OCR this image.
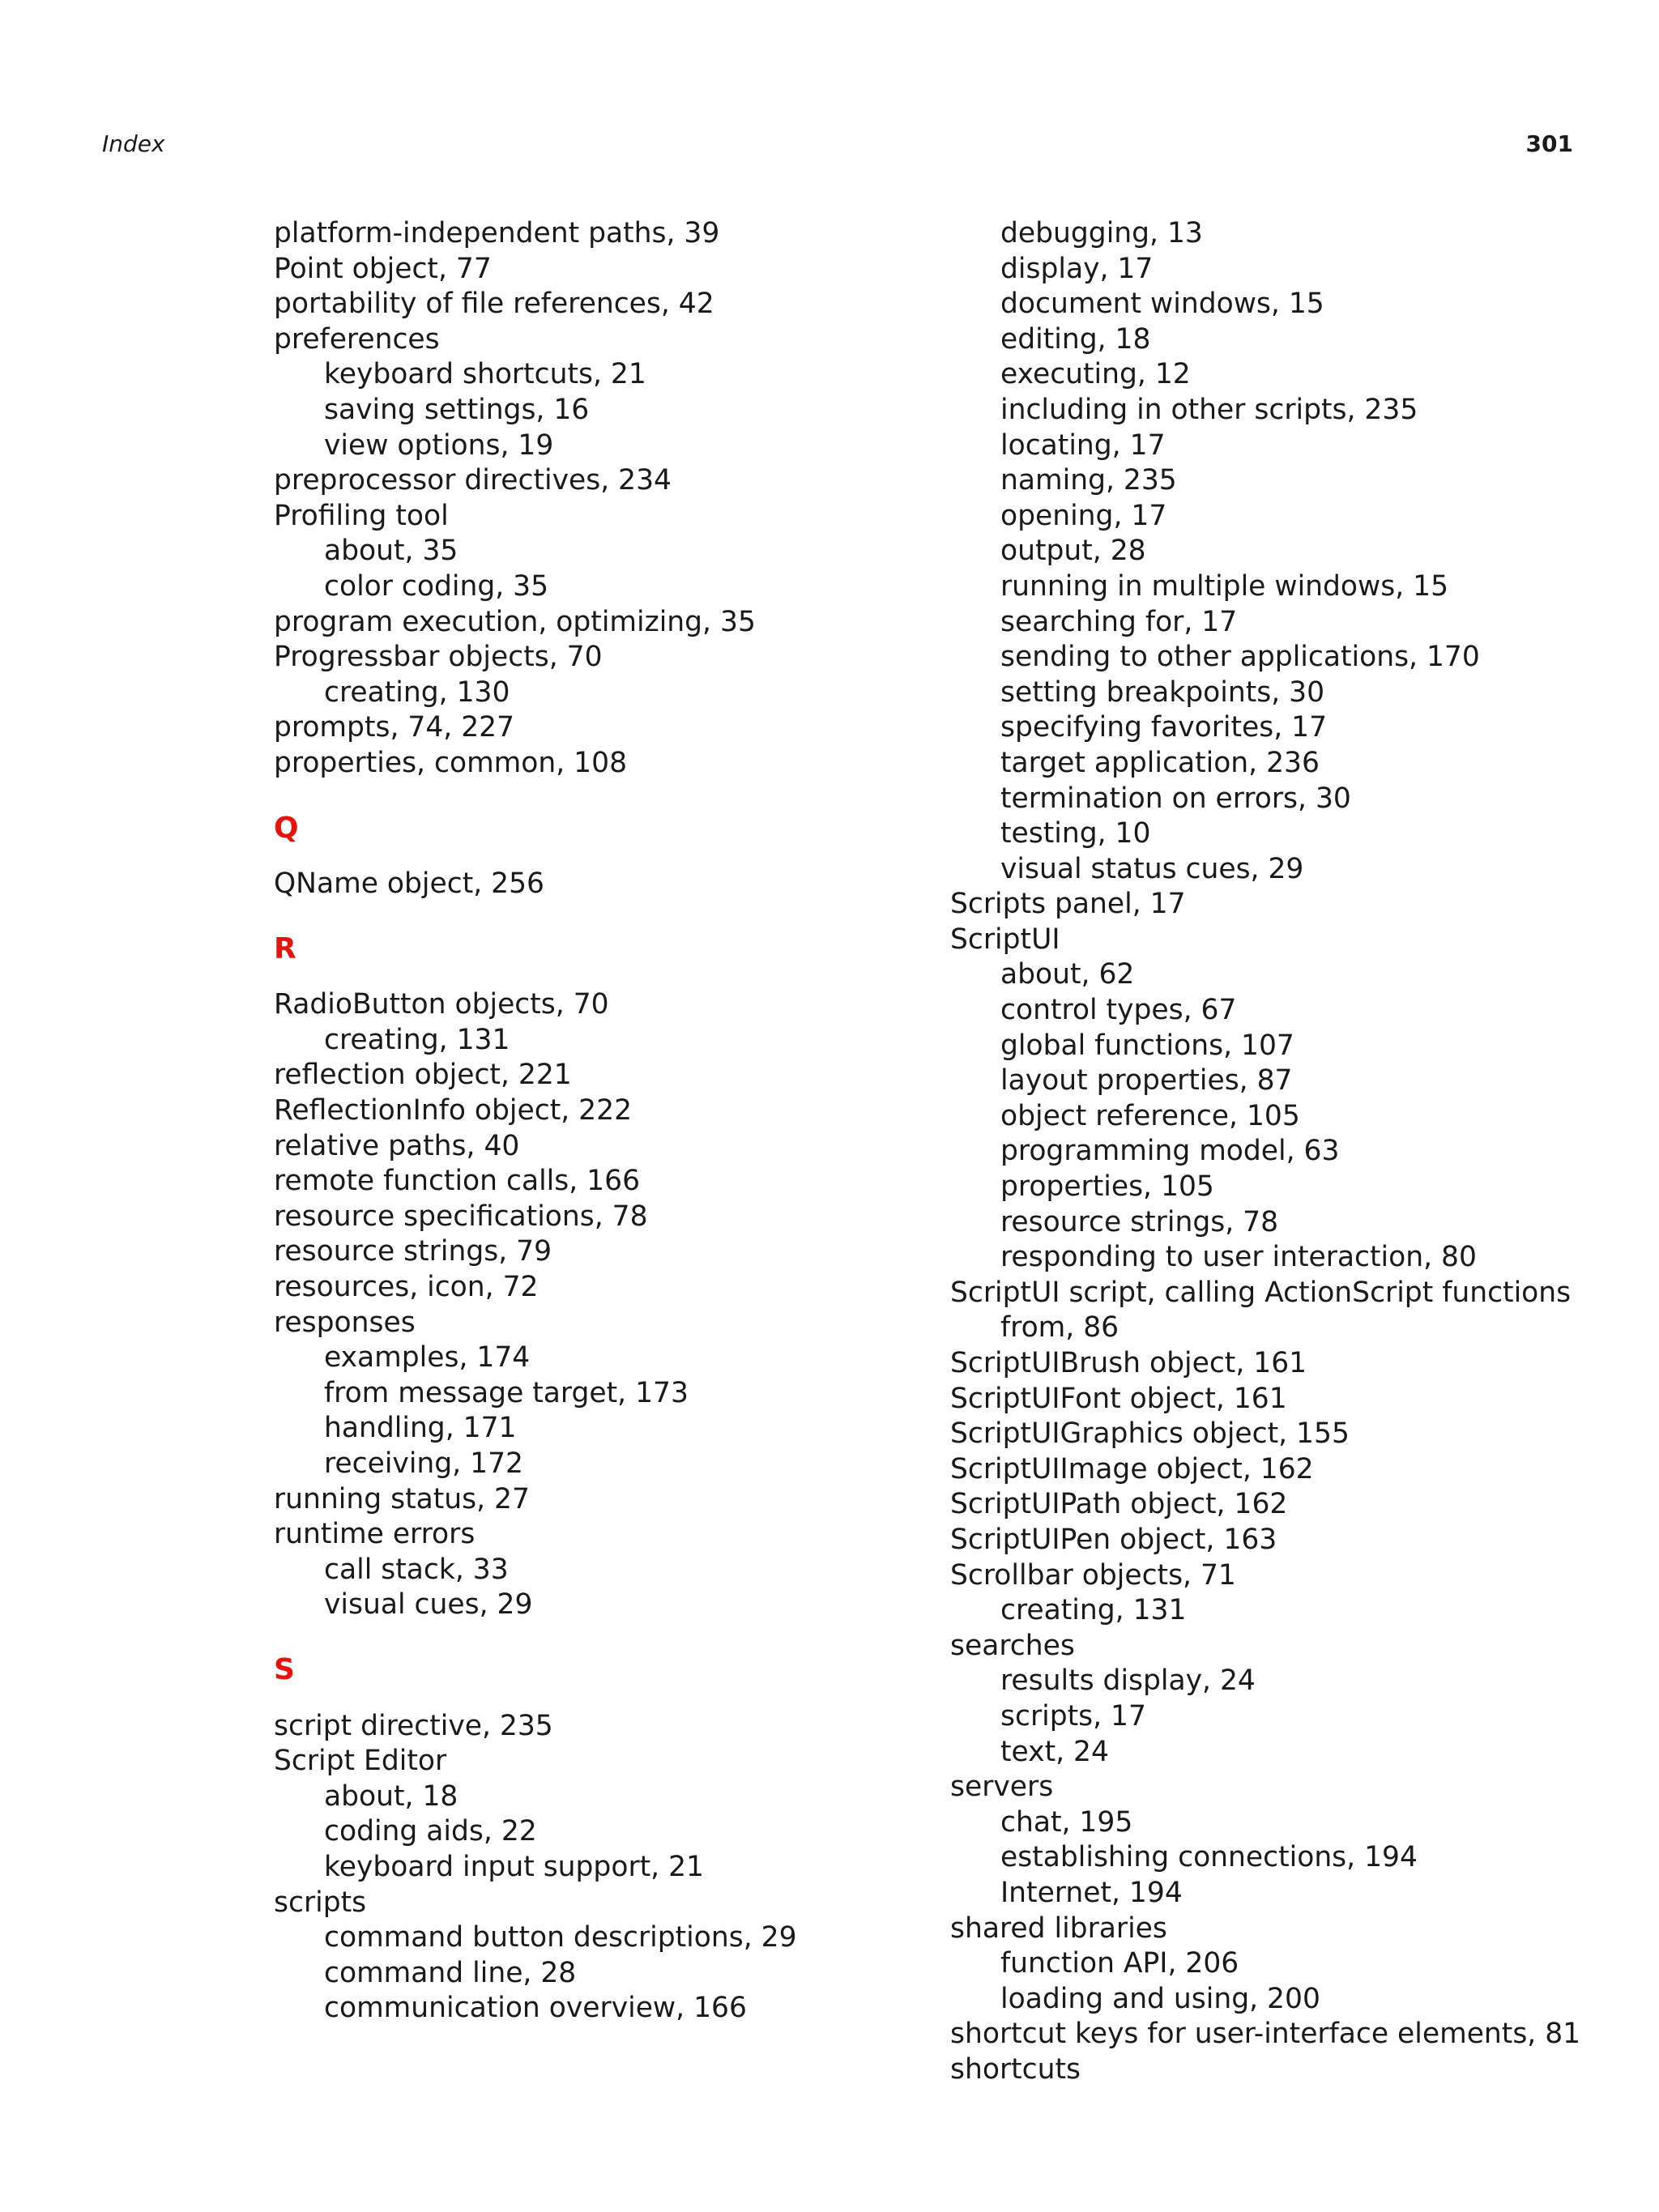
Index	301
platform-independent paths, 39
Point object, 77
portability of file references, 42
preferences
keyboard shortcuts, 21
saving settings, 16
view options, 19
preprocessor directives, 234
Profiling tool
about, 35
color coding, 35
program execution, optimizing, 35
Progressbar objects, 70
creating, 130
prompts, 74, 227
properties, common, 108
Q
QName object, 256
R
RadioButton objects, 70
creating, 131
reflection object, 221
ReflectionInfo object, 222
relative paths, 40
remote function calls, 166
resource specifications, 78
resource strings, 79
resources, icon, 72
responses
examples, 174
from message target, 173
handling, 171
receiving, 172
running status, 27
runtime errors
call stack, 33
visual cues, 29
S
script directive, 235
Script Editor
about, 18
coding aids, 22
keyboard input support, 21
scripts
command button descriptions, 29
command line, 28
communication overview, 166
debugging, 13
display, 17
document windows, 15
editing, 18
executing, 12
including in other scripts, 235
locating, 17
naming, 235
opening, 17
output, 28
running in multiple windows, 15
searching for, 17
sending to other applications, 170
setting breakpoints, 30
specifying favorites, 17
target application, 236
termination on errors, 30
testing, 10
visual status cues, 29
Scripts panel, 17
ScriptUI
about, 62
control types, 67
global functions, 107
layout properties, 87
object reference, 105
programming model, 63
properties, 105
resource strings, 78
responding to user interaction, 80
ScriptUI script, calling ActionScript functions from, 86
ScriptUIBrush object, 161
ScriptUIFont object, 161
ScriptUIGraphics object, 155
ScriptUIImage object, 162
ScriptUIPath object, 162
ScriptUIPen object, 163
Scrollbar objects, 71
creating, 131
searches
results display, 24
scripts, 17
text, 24
servers
chat, 195
establishing connections, 194
Internet, 194
shared libraries
function API, 206
loading and using, 200
shortcut keys for user-interface elements, 81
shortcuts
